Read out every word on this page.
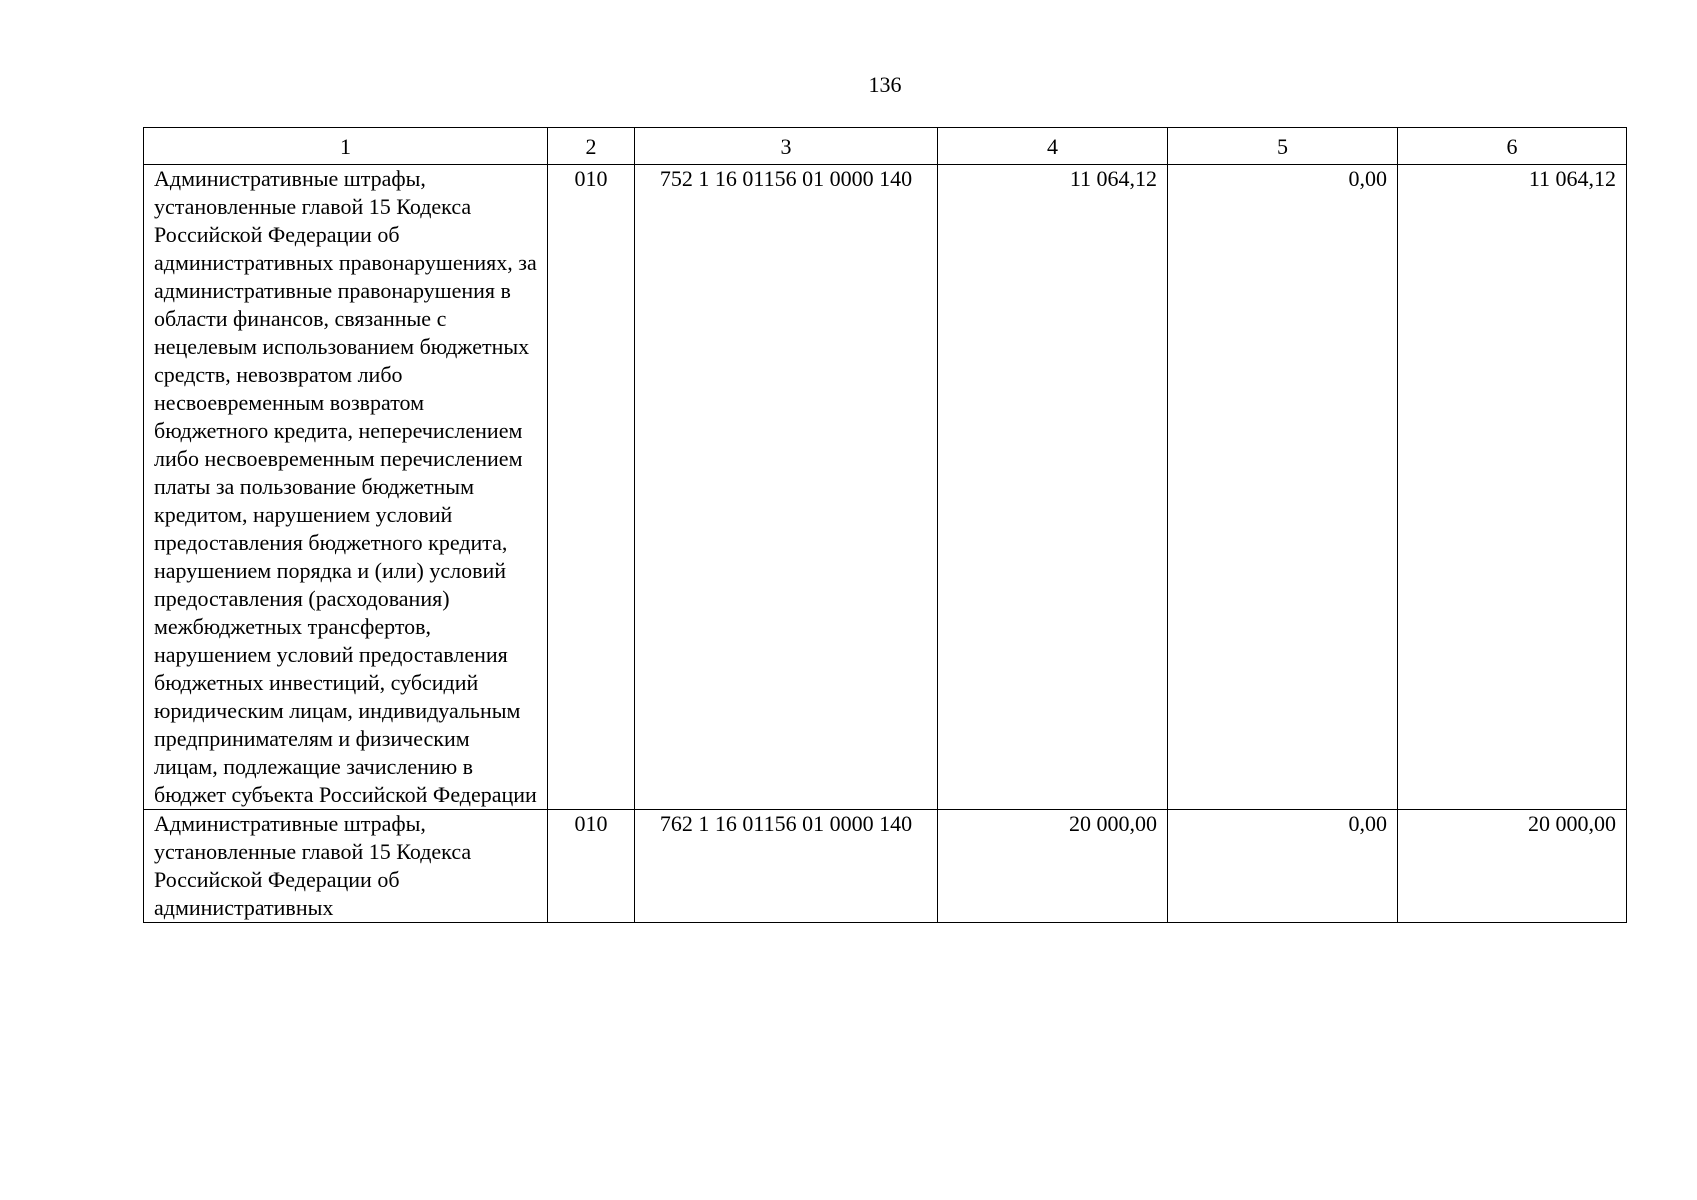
136
1	2	3	4	5	6
Административные штрафы, установленные главой 15 Кодекса Российской Федерации об административных правонарушениях, за административные правонарушения в области финансов, связанные с нецелевым использованием бюджетных средств, невозвратом либо несвоевременным возвратом бюджетного кредита, неперечислением либо несвоевременным перечислением платы за пользование бюджетным кредитом, нарушением условий предоставления бюджетного кредита, нарушением порядка и (или) условий предоставления (расходования) межбюджетных трансфертов, нарушением условий предоставления бюджетных инвестиций, субсидий юридическим лицам, индивидуальным предпринимателям и физическим лицам, подлежащие зачислению в бюджет субъекта Российской Федерации	010	752 1 16 01156 01 0000 140	11 064,12	0,00	11 064,12
Административные штрафы, установленные главой 15 Кодекса Российской Федерации об административных	010	762 1 16 01156 01 0000 140	20 000,00	0,00	20 000,00
